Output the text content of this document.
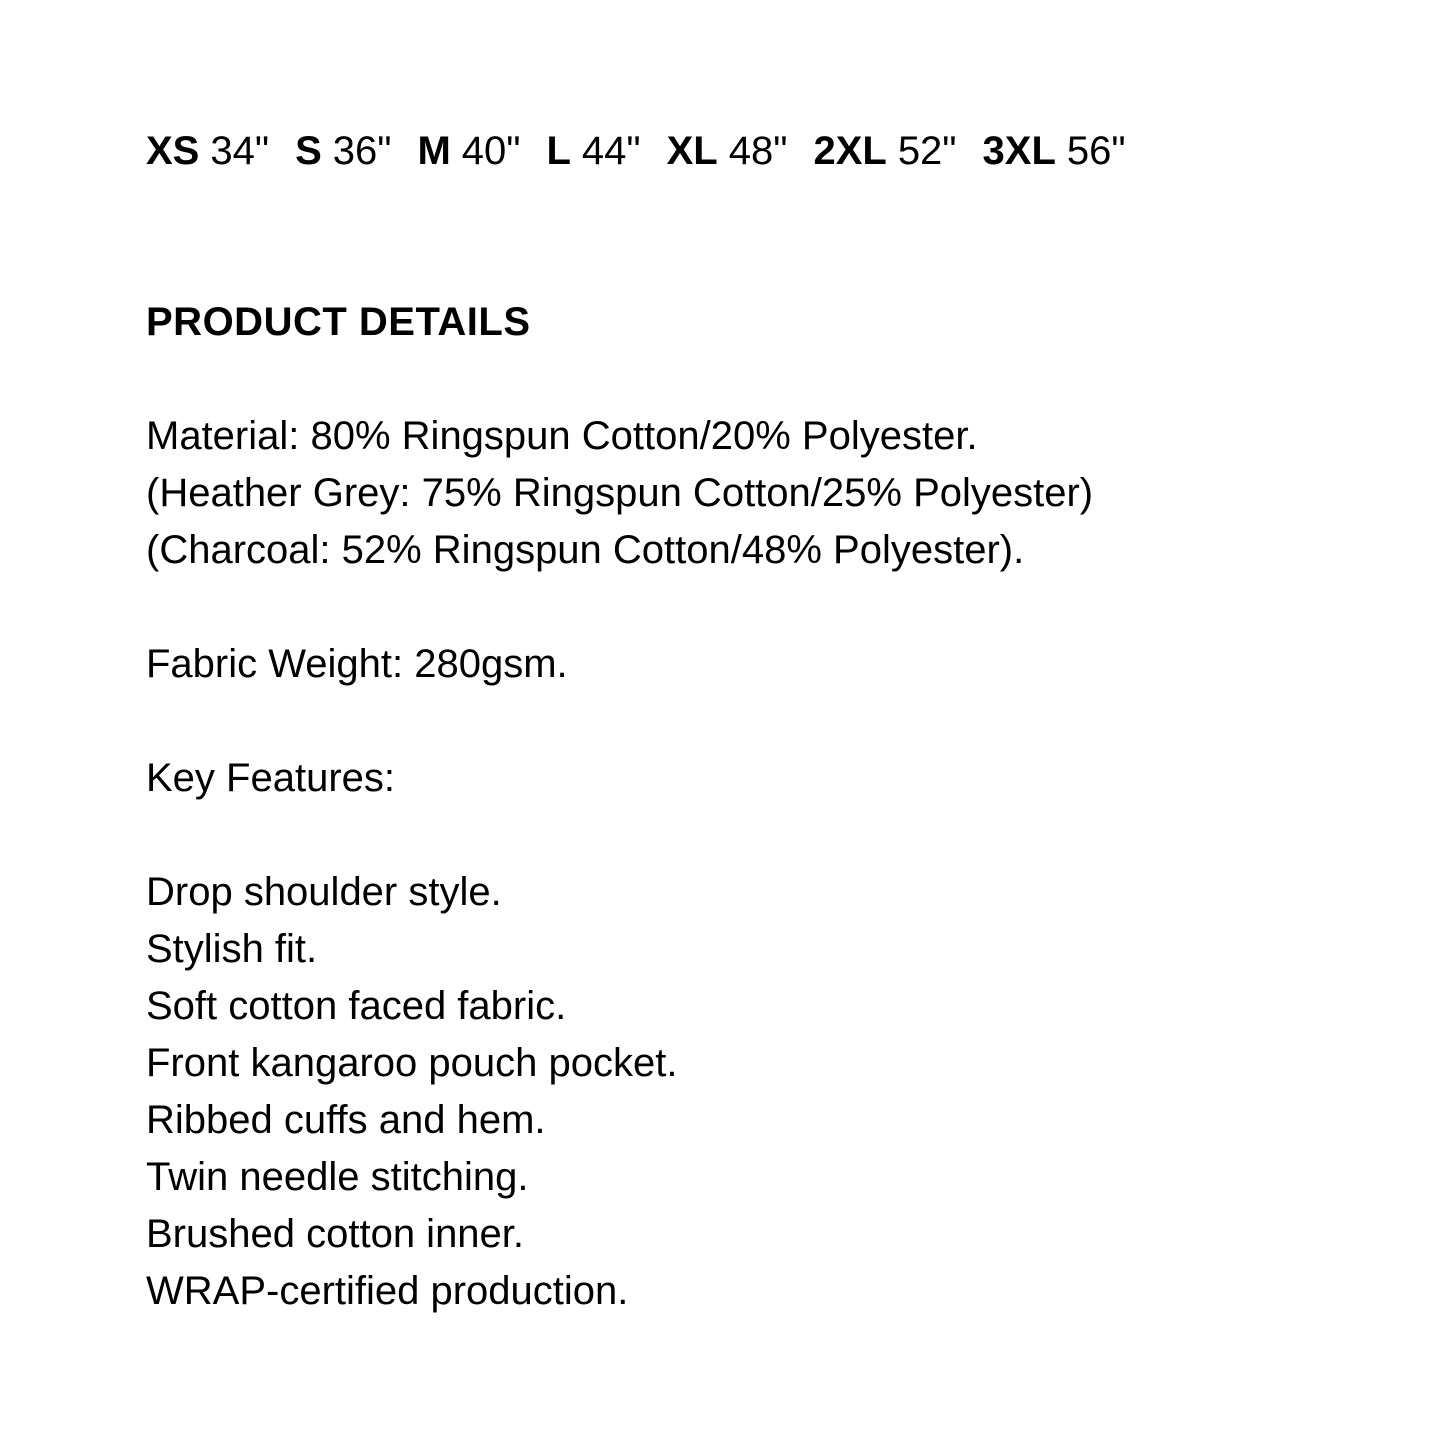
XS 34" S 36" M 40" L 44" XL 48" 2XL 52" 3XL 56"
PRODUCT DETAILS
Material: 80% Ringspun Cotton/20% Polyester.
(Heather Grey: 75% Ringspun Cotton/25% Polyester)
(Charcoal: 52% Ringspun Cotton/48% Polyester).
Fabric Weight: 280gsm.
Key Features:
Drop shoulder style.
Stylish fit.
Soft cotton faced fabric.
Front kangaroo pouch pocket.
Ribbed cuffs and hem.
Twin needle stitching.
Brushed cotton inner.
WRAP-certified production.
